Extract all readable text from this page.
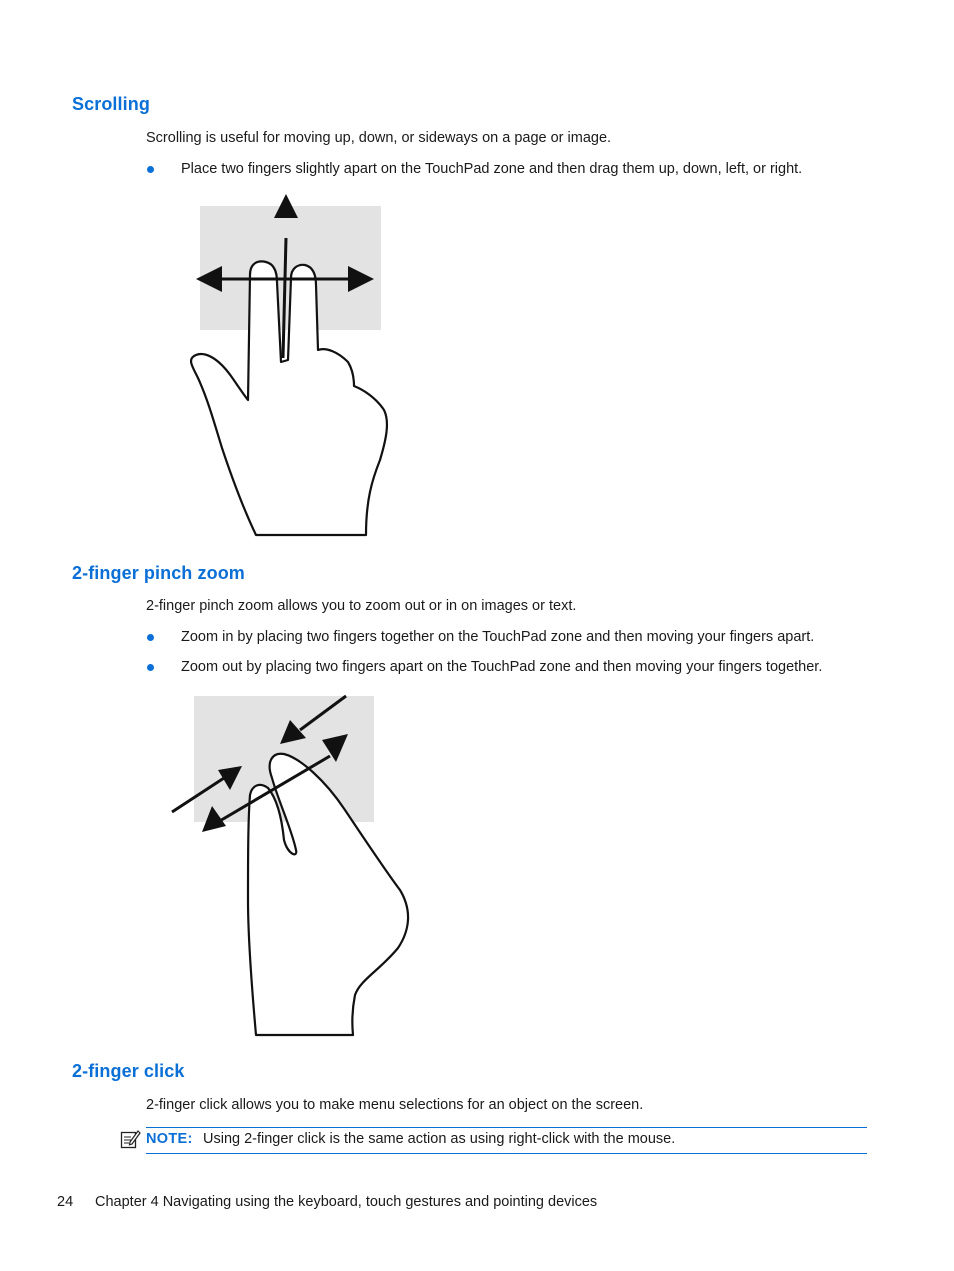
Scrolling

Scrolling is useful for moving up, down, or sideways on a page or image.

Place two fingers slightly apart on the TouchPad zone and then drag them up, down, left, or right.

2-finger pinch zoom

2-finger pinch zoom allows you to zoom out or in on images or text.

Zoom in by placing two fingers together on the TouchPad zone and then moving your fingers apart.

Zoom out by placing two fingers apart on the TouchPad zone and then moving your fingers together.

2-finger click

2-finger click allows you to make menu selections for an object on the screen.

NOTE: Using 2-finger click is the same action as using right-click with the mouse.
24 Chapter 4 Navigating using the keyboard, touch gestures and pointing devices
